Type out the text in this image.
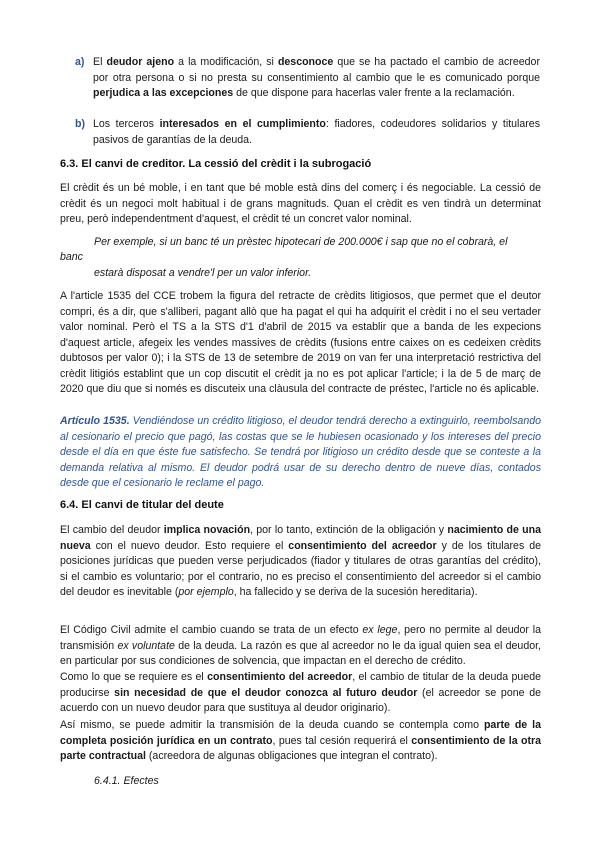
a) El deudor ajeno a la modificación, si desconoce que se ha pactado el cambio de acreedor por otra persona o si no presta su consentimiento al cambio que le es comunicado porque perjudica a las excepciones de que dispone para hacerlas valer frente a la reclamación.

b) Los terceros interesados en el cumplimiento: fiadores, codeudores solidarios y titulares pasivos de garantías de la deuda.

6.3. El canvi de creditor. La cessió del crèdit i la subrogació

El crèdit és un bé moble, i en tant que bé moble està dins del comerç i és negociable. La cessió de crèdit és un negoci molt habitual i de grans magnituds. Quan el crèdit es ven tindrà un determinat preu, però independentment d'aquest, el crèdit té un concret valor nominal.

Per exemple, si un banc té un prèstec hipotecari de 200.000€ i sap que no el cobrarà, el

banc

estarà disposat a vendre'l per un valor inferior.

A l'article 1535 del CCE trobem la figura del retracte de crèdits litigiosos, que permet que el deutor compri, és a dir, que s'alliberi, pagant allò que ha pagat el qui ha adquirit el crèdit i no el seu vertader valor nominal. Però el TS a la STS d'1 d'abril de 2015 va establir que a banda de les expecions d'aquest article, afegeix les vendes massives de crèdits (fusions entre caixes on es cedeixen crèdits dubtosos per valor 0); i la STS de 13 de setembre de 2019 on van fer una interpretació restrictiva del crèdit litigiós establint que un cop discutit el crèdit ja no es pot aplicar l'article; i la de 5 de març de 2020 que diu que si només es discuteix una clàusula del contracte de préstec, l'article no és aplicable.

Artículo 1535. Vendiéndose un crédito litigioso, el deudor tendrá derecho a extinguirlo, reembolsando al cesionario el precio que pagó, las costas que se le hubiesen ocasionado y los intereses del precio desde el día en que éste fue satisfecho. Se tendrá por litigioso un crédito desde que se conteste a la demanda relativa al mismo. El deudor podrá usar de su derecho dentro de nueve días, contados desde que el cesionario le reclame el pago.

6.4. El canvi de titular del deute

El cambio del deudor implica novación, por lo tanto, extinción de la obligación y nacimiento de una nueva con el nuevo deudor. Esto requiere el consentimiento del acreedor y de los titulares de posiciones jurídicas que pueden verse perjudicados (fiador y titulares de otras garantías del crédito), si el cambio es voluntario; por el contrario, no es preciso el consentimiento del acreedor si el cambio del deudor es inevitable (por ejemplo, ha fallecido y se deriva de la sucesión hereditaria).

El Código Civil admite el cambio cuando se trata de un efecto ex lege, pero no permite al deudor la transmisión ex voluntate de la deuda. La razón es que al acreedor no le da igual quien sea el deudor, en particular por sus condiciones de solvencia, que impactan en el derecho de crédito.

Como lo que se requiere es el consentimiento del acreedor, el cambio de titular de la deuda puede producirse sin necesidad de que el deudor conozca al futuro deudor (el acreedor se pone de acuerdo con un nuevo deudor para que sustituya al deudor originario).

Así mismo, se puede admitir la transmisión de la deuda cuando se contempla como parte de la completa posición jurídica en un contrato, pues tal cesión requerirá el consentimiento de la otra parte contractual (acreedora de algunas obligaciones que integran el contrato).

6.4.1. Efectes
